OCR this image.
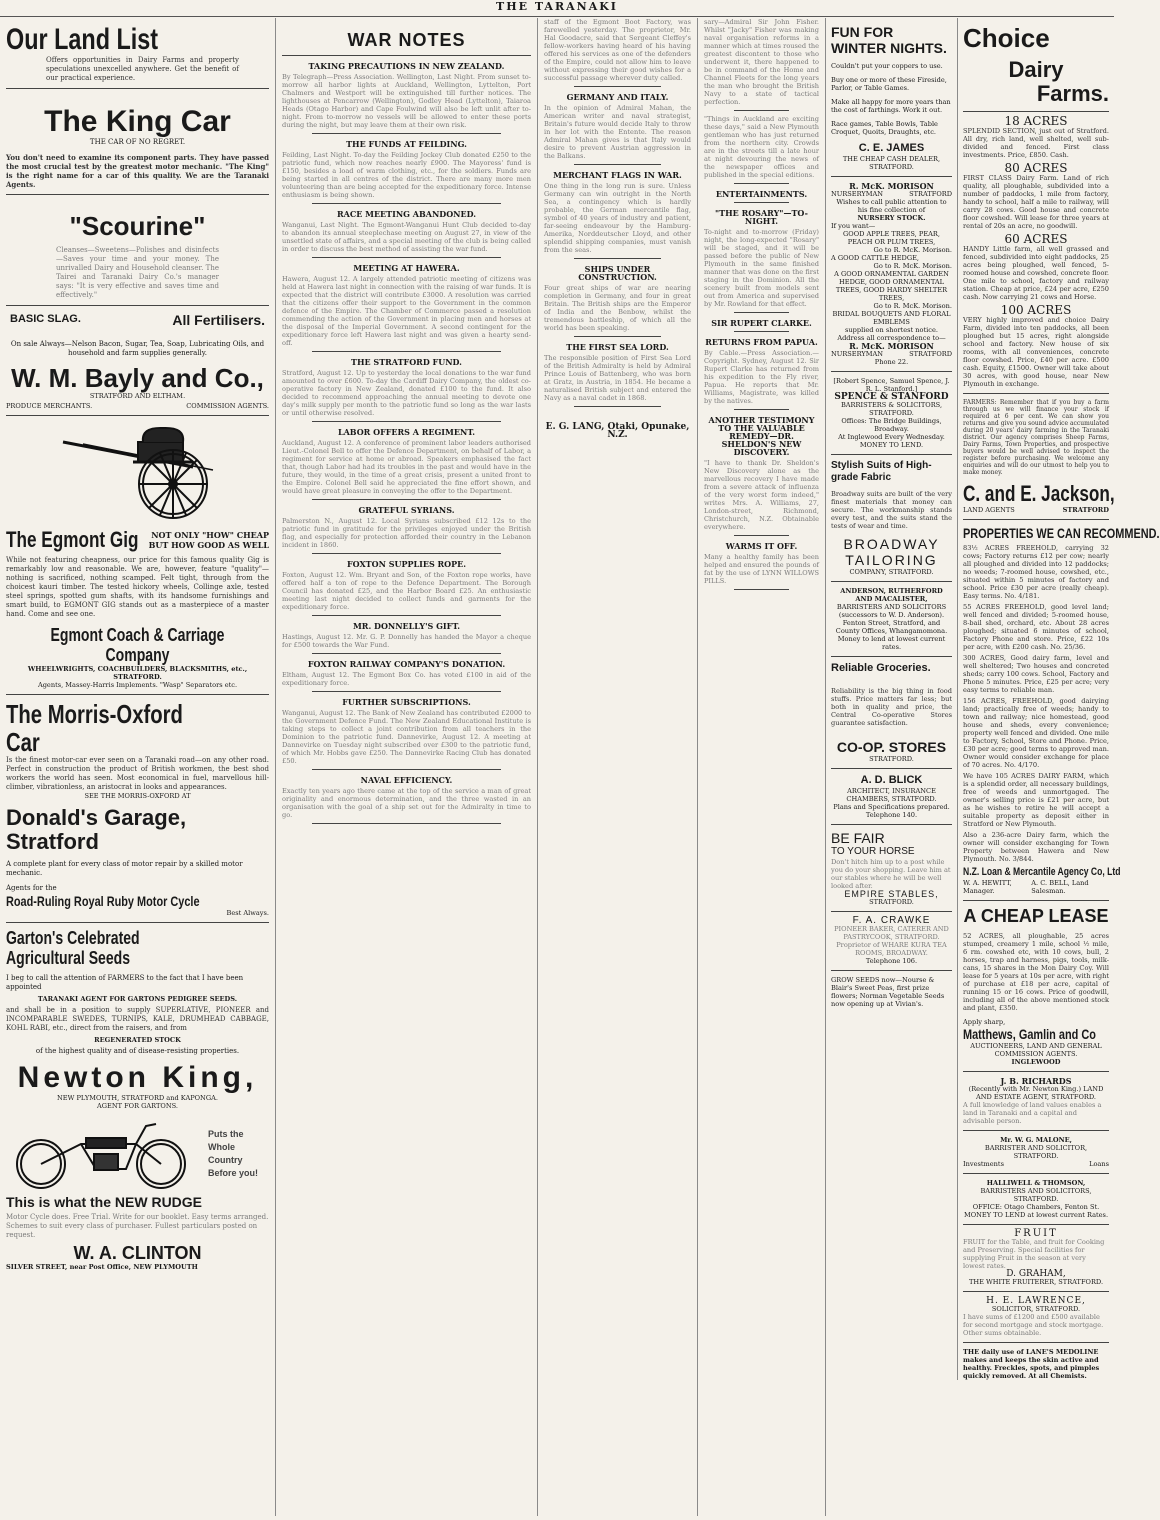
THE TARANAKI
Our Land List
Offers opportunities in Dairy Farms and property speculations unexcelled anywhere. Get the benefit of our practical experience.
The King Car
THE CAR OF NO REGRET.
You don't need to examine its component parts. They have passed the most crucial test by the greatest motor mechanic. "The King" is the right name for a car of this quality. We are the Taranaki Agents.
"Scourine"
Cleanses—Sweetens—Polishes and disinfects—Saves your time and your money. The unrivalled Dairy and Household cleanser. The Tairei and Taranaki Dairy Co.'s manager says: "It is very effective and saves time and effectively."
BASIC SLAG.	All Fertilisers.
On sale Always—Nelson Bacon, Sugar, Tea, Soap, Lubricating Oils, and household and farm supplies generally.
W. M. Bayly and Co.,
STRATFORD AND ELTHAM.
PRODUCE MERCHANTS.	COMMISSION AGENTS.
The Egmont Gig	NOT ONLY "HOW" CHEAP
BUT HOW GOOD AS WELL
While not featuring cheapness, our price for this famous quality Gig is remarkably low and reasonable. We are, however, feature "quality"—nothing is sacrificed, nothing scamped. Felt tight, through from the choicest kauri timber. The tested hickory wheels, Collinge axle, tested steel springs, spotted gum shafts, with its handsome furnishings and smart build, to EGMONT GIG stands out as a masterpiece of a master hand. Come and see one.
Egmont Coach & Carriage Company
WHEELWRIGHTS, COACHBUILDERS, BLACKSMITHS, etc., STRATFORD.
Agents, Massey-Harris Implements. "Wasp" Separators etc.
The Morris-Oxford Car
Is the finest motor-car ever seen on a Taranaki road—on any other road. Perfect in construction the product of British workmen, the best shod workers the world has seen. Most economical in fuel, marvellous hill-climber, vibrationless, an aristocrat in looks and appearances.
SEE THE MORRIS-OXFORD AT
Donald's Garage, Stratford
A complete plant for every class of motor repair by a skilled motor mechanic.
Agents for the
Road-Ruling Royal Ruby Motor Cycle
Best Always.
Garton's Celebrated Agricultural Seeds
I beg to call the attention of FARMERS to the fact that I have been appointed
TARANAKI AGENT FOR GARTONS PEDIGREE SEEDS.
and shall be in a position to supply SUPERLATIVE, PIONEER and INCOMPARABLE SWEDES, TURNIPS, KALE, DRUMHEAD CABBAGE, KOHL RABI, etc., direct from the raisers, and from
REGENERATED STOCK
of the highest quality and of disease-resisting properties.
Newton King,
NEW PLYMOUTH, STRATFORD and KAPONGA.
AGENT FOR GARTONS.
Puts the
Whole
Country
Before you!
This is what the NEW RUDGE
Motor Cycle does. Free Trial. Write for our booklet. Easy terms arranged. Schemes to suit every class of purchaser. Fullest particulars posted on request.
W. A. CLINTON
SILVER STREET, near Post Office, NEW PLYMOUTH
WAR NOTES
TAKING PRECAUTIONS IN NEW ZEALAND.
By Telegraph—Press Association. Wellington, Last Night. From sunset to-morrow all harbor lights at Auckland, Wellington, Lyttelton, Port Chalmers and Westport will be extinguished till further notices. The lighthouses at Pencarrow (Wellington), Godley Head (Lyttelton), Taiaroa Heads (Otago Harbor) and Cape Foulwind will also be left unlit after to-night. From to-morrow no vessels will be allowed to enter these ports during the night, but may leave them at their own risk.
THE FUNDS AT FEILDING.
Feilding, Last Night. To-day the Feilding Jockey Club donated £250 to the patriotic fund, which now reaches nearly £900. The Mayoress' fund is £150, besides a load of warm clothing, etc., for the soldiers. Funds are being started in all centres of the district. There are many more men volunteering than are being accepted for the expeditionary force. Intense enthusiasm is being shown.
RACE MEETING ABANDONED.
Wanganui, Last Night. The Egmont-Wanganui Hunt Club decided to-day to abandon its annual steeplechase meeting on August 27, in view of the unsettled state of affairs, and a special meeting of the club is being called in order to discuss the best method of assisting the war fund.
MEETING AT HAWERA.
Hawera, August 12. A largely attended patriotic meeting of citizens was held at Hawera last night in connection with the raising of war funds. It is expected that the district will contribute £3000. A resolution was carried that the citizens offer their support to the Government in the common defence of the Empire. The Chamber of Commerce passed a resolution commending the action of the Government in placing men and horses at the disposal of the Imperial Government. A second contingent for the expeditionary force left Hawera last night and was given a hearty send-off.
THE STRATFORD FUND.
Stratford, August 12. Up to yesterday the local donations to the war fund amounted to over £600. To-day the Cardiff Dairy Company, the oldest co-operative factory in New Zealand, donated £100 to the fund. It also decided to recommend approaching the annual meeting to devote one day's milk supply per month to the patriotic fund so long as the war lasts or until otherwise resolved.
LABOR OFFERS A REGIMENT.
Auckland, August 12. A conference of prominent labor leaders authorised Lieut.-Colonel Bell to offer the Defence Department, on behalf of Labor, a regiment for service at home or abroad. Speakers emphasised the fact that, though Labor had had its troubles in the past and would have in the future, they would, in the time of a great crisis, present a united front to the Empire. Colonel Bell said he appreciated the fine effort shown, and would have great pleasure in conveying the offer to the Department.
GRATEFUL SYRIANS.
Palmerston N., August 12. Local Syrians subscribed £12 12s to the patriotic fund in gratitude for the privileges enjoyed under the British flag, and especially for protection afforded their country in the Lebanon incident in 1860.
FOXTON SUPPLIES ROPE.
Foxton, August 12. Wm. Bryant and Son, of the Foxton rope works, have offered half a ton of rope to the Defence Department. The Borough Council has donated £25, and the Harbor Board £25. An enthusiastic meeting last night decided to collect funds and garments for the expeditionary force.
MR. DONNELLY'S GIFT.
Hastings, August 12. Mr. G. P. Donnelly has handed the Mayor a cheque for £500 towards the War Fund.
FOXTON RAILWAY COMPANY'S DONATION.
Eltham, August 12. The Egmont Box Co. has voted £100 in aid of the expeditionary force.
FURTHER SUBSCRIPTIONS.
Wanganui, August 12. The Bank of New Zealand has contributed £2000 to the Government Defence Fund. The New Zealand Educational Institute is taking steps to collect a joint contribution from all teachers in the Dominion to the patriotic fund. Dannevirke, August 12. A meeting at Dannevirke on Tuesday night subscribed over £300 to the patriotic fund, of which Mr. Hobbs gave £250. The Dannevirke Racing Club has donated £50.
NAVAL EFFICIENCY.
Exactly ten years ago there came at the top of the service a man of great originality and enormous determination, and the three wasted in an organisation with the goal of a ship set out for the Admiralty in time to go.
staff of the Egmont Boot Factory, was farewelled yesterday. The proprietor, Mr. Hal Goodacre, said that Sergeant Cleffey's fellow-workers having heard of his having offered his services as one of the defenders of the Empire, could not allow him to leave without expressing their good wishes for a successful passage wherever duty called.
GERMANY AND ITALY.
In the opinion of Admiral Mahan, the American writer and naval strategist, Britain's future would decide Italy to throw in her lot with the Entente. The reason Admiral Mahan gives is that Italy would desire to prevent Austrian aggression in the Balkans.
MERCHANT FLAGS IN WAR.
One thing in the long run is sure. Unless Germany can win outright in the North Sea, a contingency which is hardly probable, the German mercantile flag, symbol of 40 years of industry and patient, far-seeing endeavour by the Hamburg-Amerika, Norddeutscher Lloyd, and other splendid shipping companies, must vanish from the seas.
SHIPS UNDER CONSTRUCTION.
Four great ships of war are nearing completion in Germany, and four in great Britain. The British ships are the Emperor of India and the Benbow, whilst the tremendous battleship, of which all the world has been speaking.
THE FIRST SEA LORD.
The responsible position of First Sea Lord of the British Admiralty is held by Admiral Prince Louis of Battenberg, who was born at Gratz, in Austria, in 1854. He became a naturalised British subject and entered the Navy as a naval cadet in 1868.
E. G. LANG, Otaki, Opunake, N.Z.
sary—Admiral Sir John Fisher. Whilst "Jacky" Fisher was making naval organisation reforms in a manner which at times roused the greatest discontent to those who underwent it, there happened to be in command of the Home and Channel Fleets for the long years the man who brought the British Navy to a state of tactical perfection.
"Things in Auckland are exciting these days," said a New Plymouth gentleman who has just returned from the northern city. Crowds are in the streets till a late hour at night devouring the news of the newspaper offices and published in the special editions.
ENTERTAINMENTS.
"THE ROSARY"—TO-NIGHT.
To-night and to-morrow (Friday) night, the long-expected "Rosary" will be staged, and it will be passed before the public of New Plymouth in the same finished manner that was done on the first staging in the Dominion. All the scenery built from models sent out from America and supervised by Mr. Rowland for that effect.
SIR RUPERT CLARKE.
RETURNS FROM PAPUA.
By Cable.—Press Association.—Copyright. Sydney, August 12. Sir Rupert Clarke has returned from his expedition to the Fly river, Papua. He reports that Mr. Williams, Magistrate, was killed by the natives.
ANOTHER TESTIMONY TO THE VALUABLE REMEDY—DR. SHELDON'S NEW DISCOVERY.
"I have to thank Dr. Sheldon's New Discovery alone as the marvellous recovery I have made from a severe attack of influenza of the very worst form indeed," writes Mrs. A. Williams, 27, London-street, Richmond, Christchurch, N.Z. Obtainable everywhere.
WARMS IT OFF.
Many a healthy family has been helped and ensured the pounds of fat by the use of LYNN WILLOWS PILLS.
FUN FOR WINTER NIGHTS.
Couldn't put your coppers to use.
Buy one or more of these Fireside, Parlor, or Table Games.
Make all happy for more years than the cost of farthings. Work it out.
Race games, Table Bowls, Table Croquet, Quoits, Draughts, etc.
C. E. JAMES
THE CHEAP CASH DEALER, STRATFORD.
R. McK. MORISON
NURSERYMAN	STRATFORD
Wishes to call public attention to his fine collection of
NURSERY STOCK.
If you want—
GOOD APPLE TREES, PEAR, PEACH OR PLUM TREES,
Go to R. McK. Morison.
A GOOD CATTLE HEDGE,
Go to R. McK. Morison.
A GOOD ORNAMENTAL GARDEN HEDGE, GOOD ORNAMENTAL TREES, GOOD HARDY SHELTER TREES,
Go to R. McK. Morison.
BRIDAL BOUQUETS AND FLORAL EMBLEMS
supplied on shortest notice. Address all correspondence to—
R. McK. MORISON
NURSERYMAN	STRATFORD
Phone 22.
[Robert Spence, Samuel Spence, J. R. L. Stanford.]
SPENCE & STANFORD
BARRISTERS & SOLICITORS, STRATFORD.
Offices: The Bridge Buildings, Broadway.
At Inglewood Every Wednesday.
MONEY TO LEND.
Stylish Suits of High-grade Fabric
Broadway suits are built of the very finest materials that money can secure. The workmanship stands every test, and the suits stand the tests of wear and time.
BROADWAY
TAILORING
COMPANY, STRATFORD.
ANDERSON, RUTHERFORD AND MACALISTER,
BARRISTERS AND SOLICITORS (successors to W. D. Anderson).
Fenton Street, Stratford, and County Offices, Whangamomona.
Money to lend at lowest current rates.
Reliable Groceries.
Reliability is the big thing in food stuffs. Price matters far less; but both in quality and price, the Central Co-operative Stores guarantee satisfaction.
CO-OP. STORES
STRATFORD.
A. D. BLICK
ARCHITECT, INSURANCE CHAMBERS, STRATFORD.
Plans and Specifications prepared. Telephone 140.
BE FAIR
TO YOUR HORSE
Don't hitch him up to a post while you do your shopping. Leave him at our stables where he will be well looked after.
EMPIRE STABLES,
STRATFORD.
F. A. CRAWKE
PIONEER BAKER, CATERER AND PASTRYCOOK, STRATFORD.
Proprietor of WHARE KURA TEA ROOMS, BROADWAY.
Telephone 106.
GROW SEEDS now—Nourse & Blair's Sweet Peas, first prize flowers; Norman Vegetable Seeds now opening up at Vivian's.
Choice
Dairy
Farms.
18 ACRES
SPLENDID SECTION, just out of Stratford. All dry, rich land, well shelted, well sub-divided and fenced. First class investments. Price, £850. Cash.
80 ACRES
FIRST CLASS Dairy Farm. Land of rich quality, all ploughable, subdivided into a number of paddocks, 1 mile from factory, handy to school, half a mile to railway, will carry 28 cows. Good house and concrete floor cowshed. Will lease for three years at rental of 20s an acre, no goodwill.
60 ACRES
HANDY Little farm, all well grassed and fenced, subdivided into eight paddocks, 25 acres being ploughed, well fenced, 5-roomed house and cowshed, concrete floor. One mile to school, factory and railway station. Cheap at price, £24 per acre, £250 cash. Now carrying 21 cows and Horse.
100 ACRES
VERY highly improved and choice Dairy Farm, divided into ten paddocks, all been ploughed but 15 acres, right alongside school and factory. New house of six rooms, with all conveniences, concrete floor cowshed. Price, £40 per acre. £500 cash. Equity, £1500. Owner will take about 30 acres, with good house, near New Plymouth in exchange.
FARMERS: Remember that if you buy a farm through us we will finance your stock if required at 6 per cent. We can show you returns and give you sound advice accumulated during 20 years' dairy farming in the Taranaki district. Our agency comprises Sheep Farms, Dairy Farms, Town Properties, and prospective buyers would be well advised to inspect the register before purchasing. We welcome any enquiries and will do our utmost to help you to make money.
C. and E. Jackson,
LAND AGENTS	STRATFORD
PROPERTIES WE CAN RECOMMEND.
83½ ACRES FREEHOLD, carrying 32 cows; Factory returns £12 per cow; nearly all ploughed and divided into 12 paddocks; no weeds; 7-roomed house, cowshed, etc., situated within 5 minutes of factory and school. Price £30 per acre (really cheap). Easy terms. No. 4/181.
55 ACRES FREEHOLD, good level land; well fenced and divided; 5-roomed house, 8-bail shed, orchard, etc. About 28 acres ploughed; situated 6 minutes of school, Factory Phone and store. Price, £22 10s per acre, with £200 cash. No. 25/36.
300 ACRES, Good dairy farm, level and well sheltered; Two houses and concreted sheds; carry 100 cows. School, Factory and Phone 5 minutes. Price, £25 per acre; very easy terms to reliable man.
156 ACRES, FREEHOLD, good dairying land; practically free of weeds; handy to town and railway; nice homestead, good house and sheds, every convenience; property well fenced and divided. One mile to Factory, School, Store and Phone. Price, £30 per acre; good terms to approved man. Owner would consider exchange for place of 70 acres. No. 4/170.
We have 105 ACRES DAIRY FARM, which is a splendid order, all necessary buildings, free of weeds and unmortgaged. The owner's selling price is £21 per acre, but as he wishes to retire he will accept a suitable property as deposit either in Stratford or New Plymouth.
Also a 236-acre Dairy farm, which the owner will consider exchanging for Town Property between Hawera and New Plymouth. No. 3/844.
N.Z. Loan & Mercantile Agency Co, Ltd
W. A. HEWITT, Manager.
A. C. BELL, Land Salesman.
A CHEAP LEASE
52 ACRES, all ploughable, 25 acres stumped, creamery 1 mile, school ½ mile, 6 rm. cowshed etc, with 10 cows, bull, 2 horses, trap and harness, pigs, tools, milk-cans, 15 shares in the Mon Dairy Coy. Will lease for 5 years at 10s per acre, with right of purchase at £18 per acre, capital of running 15 or 16 cows. Price of goodwill, including all of the above mentioned stock and plant, £350.
Apply sharp,
Matthews, Gamlin and Co
AUCTIONEERS, LAND AND GENERAL COMMISSION AGENTS.
INGLEWOOD
J. B. RICHARDS
(Recently with Mr. Newton King.) LAND AND ESTATE AGENT, STRATFORD.
A full knowledge of land values enables a land in Taranaki and a capital and advisable person.
Mr. W. G. MALONE,
BARRISTER AND SOLICITOR, STRATFORD.
Investments	Loans
HALLIWELL & THOMSON,
BARRISTERS AND SOLICITORS, STRATFORD.
OFFICE: Otago Chambers, Fenton St.
MONEY TO LEND at lowest current Rates.
FRUIT
FRUIT for the Table, and fruit for Cooking and Preserving. Special facilities for supplying Fruit in the season at very lowest rates.
D. GRAHAM,
THE WHITE FRUITERER, STRATFORD.
H. E. LAWRENCE,
SOLICITOR, STRATFORD.
I have sums of £1200 and £500 available for second mortgage and stock mortgage. Other sums obtainable.
THE daily use of LANE'S MEDOLINE makes and keeps the skin active and healthy. Freckles, spots, and pimples quickly removed. At all Chemists.
